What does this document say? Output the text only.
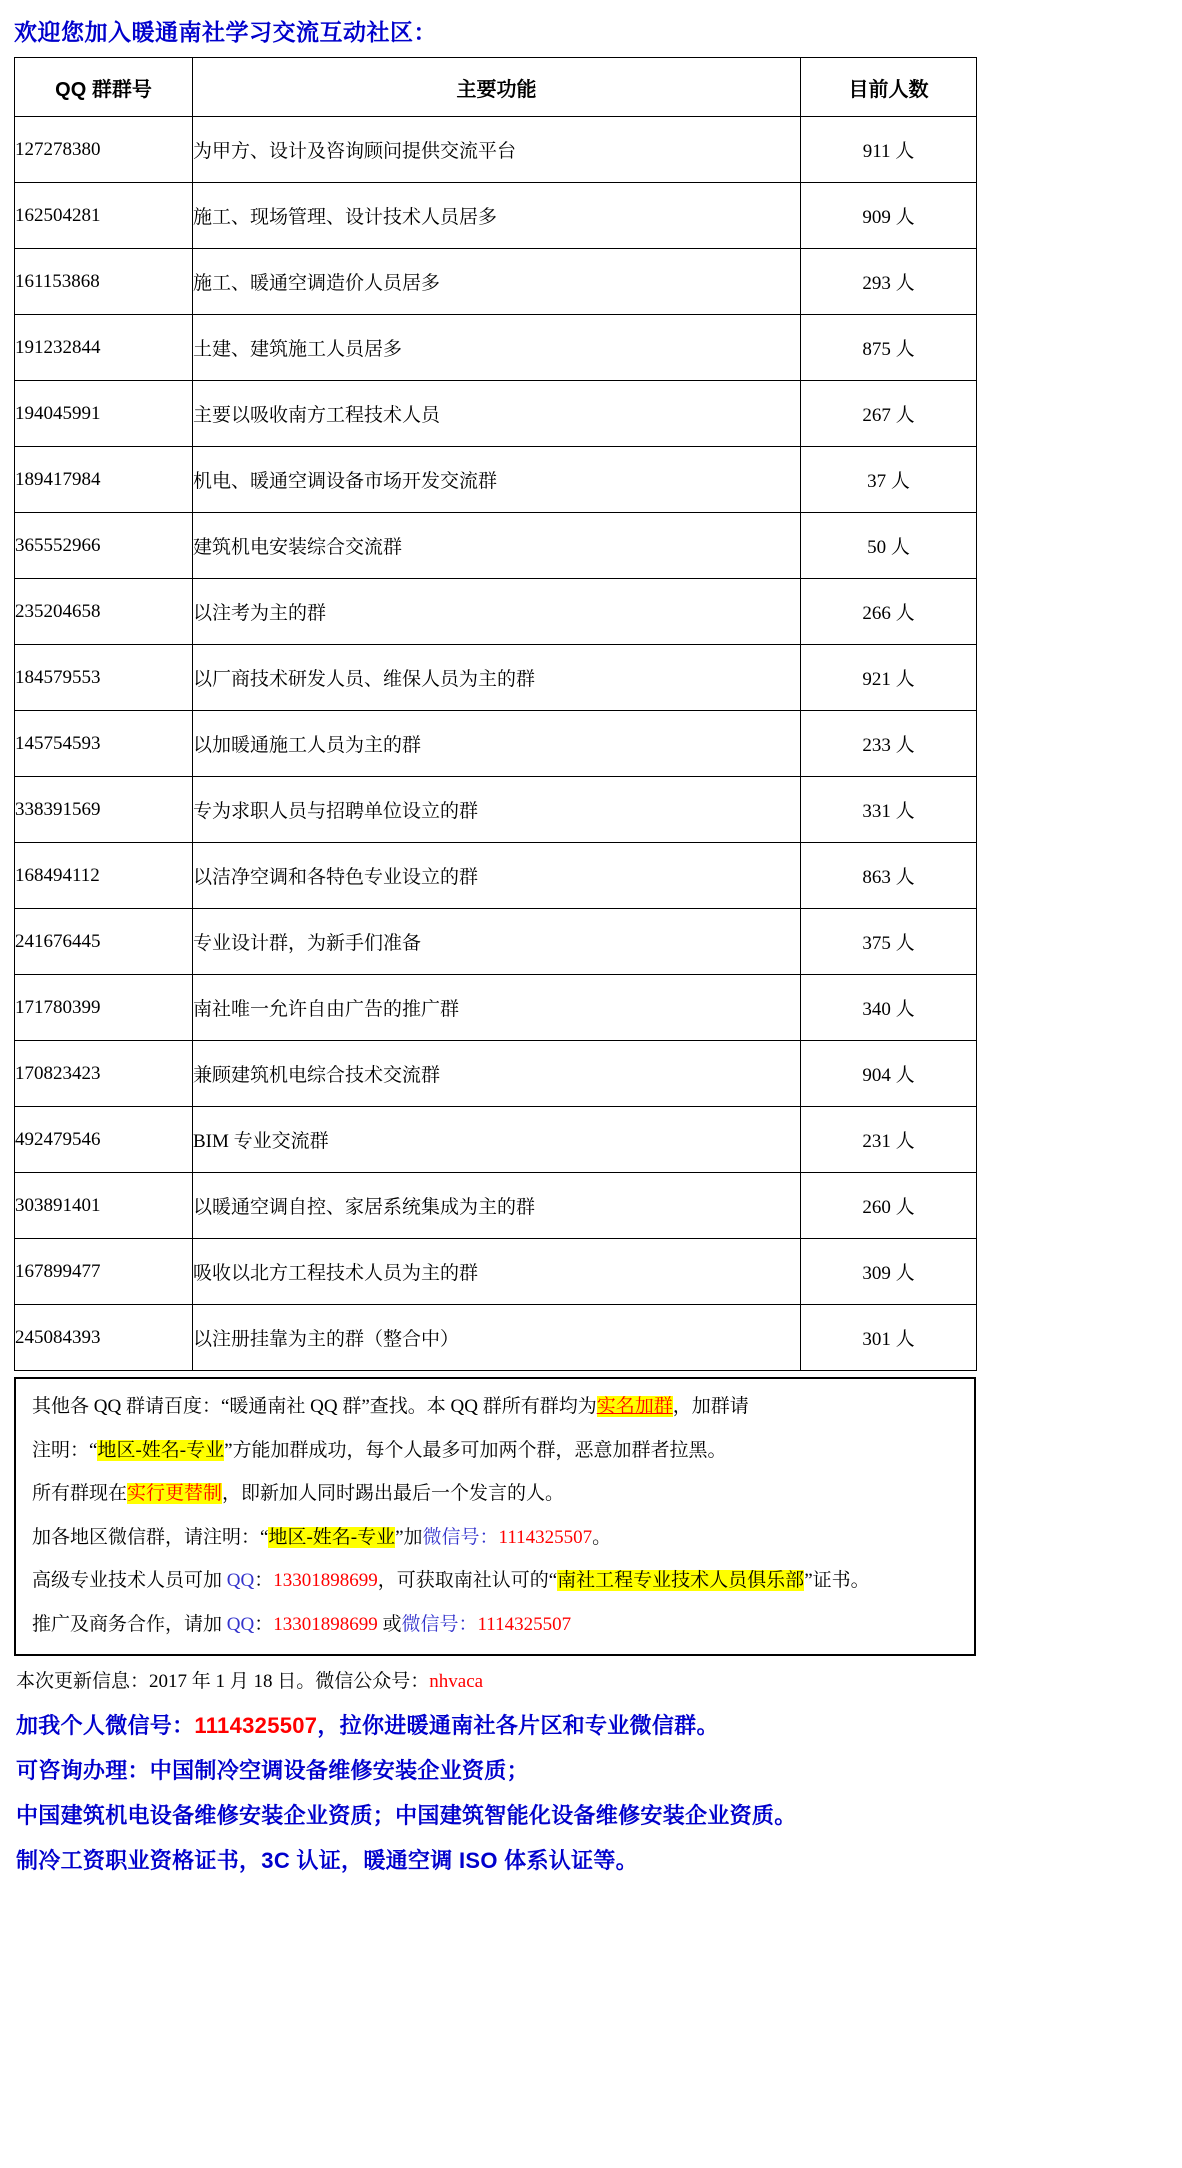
欢迎您加入暖通南社学习交流互动社区：
QQ 群群号	主要功能	目前人数
127278380	为甲方、设计及咨询顾问提供交流平台	911 人
162504281	施工、现场管理、设计技术人员居多	909 人
161153868	施工、暖通空调造价人员居多	293 人
191232844	土建、建筑施工人员居多	875 人
194045991	主要以吸收南方工程技术人员	267 人
189417984	机电、暖通空调设备市场开发交流群	37 人
365552966	建筑机电安装综合交流群	50 人
235204658	以注考为主的群	266 人
184579553	以厂商技术研发人员、维保人员为主的群	921 人
145754593	以加暖通施工人员为主的群	233 人
338391569	专为求职人员与招聘单位设立的群	331 人
168494112	以洁净空调和各特色专业设立的群	863 人
241676445	专业设计群，为新手们准备	375 人
171780399	南社唯一允许自由广告的推广群	340 人
170823423	兼顾建筑机电综合技术交流群	904 人
492479546	BIM 专业交流群	231 人
303891401	以暖通空调自控、家居系统集成为主的群	260 人
167899477	吸收以北方工程技术人员为主的群	309 人
245084393	以注册挂靠为主的群（整合中）	301 人

其他各 QQ 群请百度：“暖通南社 QQ 群”查找。本 QQ 群所有群均为实名加群，加群请

注明：“地区-姓名-专业”方能加群成功，每个人最多可加两个群，恶意加群者拉黑。

所有群现在实行更替制，即新加人同时踢出最后一个发言的人。

加各地区微信群，请注明：“地区-姓名-专业”加微信号：1114325507。

高级专业技术人员可加 QQ：13301898699，可获取南社认可的“南社工程专业技术人员俱乐部”证书。

推广及商务合作，请加 QQ：13301898699 或微信号：1114325507

本次更新信息：2017 年 1 月 18 日。微信公众号：nhvaca
加我个人微信号：1114325507，拉你进暖通南社各片区和专业微信群。
可咨询办理：中国制冷空调设备维修安装企业资质；
中国建筑机电设备维修安装企业资质；中国建筑智能化设备维修安装企业资质。
制冷工资职业资格证书，3C 认证，暖通空调 ISO 体系认证等。
